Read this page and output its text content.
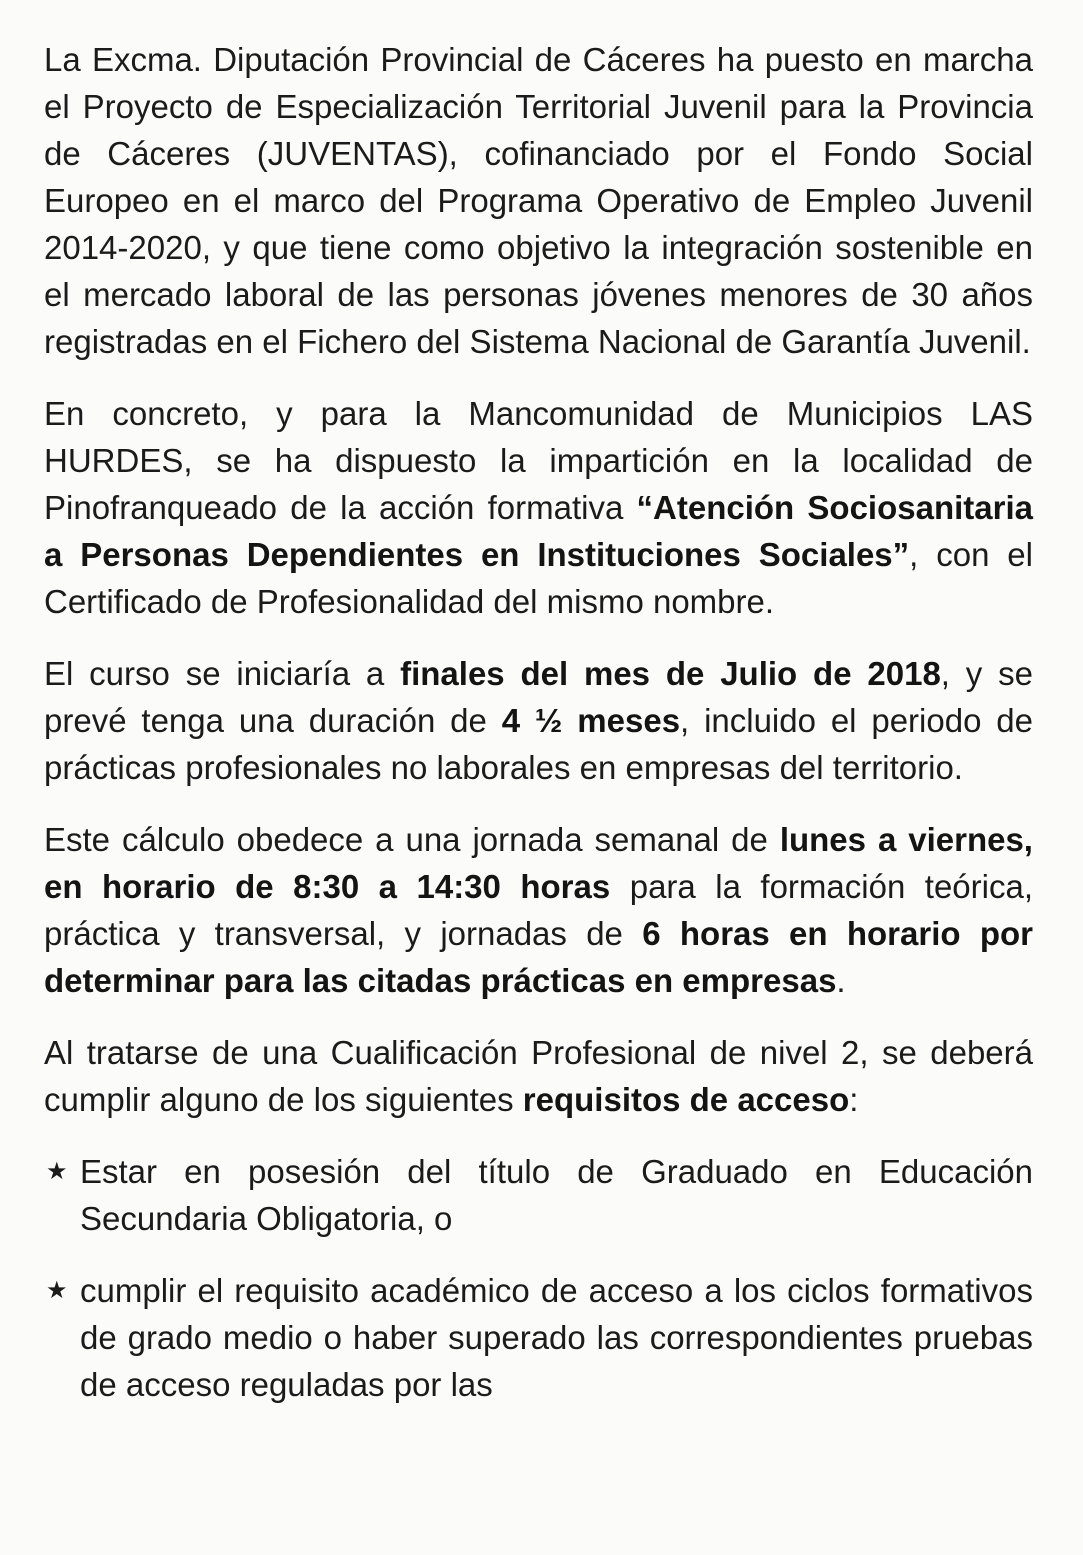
La Excma. Diputación Provincial de Cáceres ha puesto en marcha el Proyecto de Especialización Territorial Juvenil para la Provincia de Cáceres (JUVENTAS), cofinanciado por el Fondo Social Europeo en el marco del Programa Operativo de Empleo Juvenil 2014-2020, y que tiene como objetivo la integración sostenible en el mercado laboral de las personas jóvenes menores de 30 años registradas en el Fichero del Sistema Nacional de Garantía Juvenil.

En concreto, y para la Mancomunidad de Municipios LAS HURDES, se ha dispuesto la impartición en la localidad de Pinofranqueado de la acción formativa “Atención Sociosanitaria a Personas Dependientes en Instituciones Sociales”, con el Certificado de Profesionalidad del mismo nombre.

El curso se iniciaría a finales del mes de Julio de 2018, y se prevé tenga una duración de 4 ½ meses, incluido el periodo de prácticas profesionales no laborales en empresas del territorio.

Este cálculo obedece a una jornada semanal de lunes a viernes, en horario de 8:30 a 14:30 horas para la formación teórica, práctica y transversal, y jornadas de 6 horas en horario por determinar para las citadas prácticas en empresas.

Al tratarse de una Cualificación Profesional de nivel 2, se deberá cumplir alguno de los siguientes requisitos de acceso:

★ Estar en posesión del título de Graduado en Educación Secundaria Obligatoria, o
★ cumplir el requisito académico de acceso a los ciclos formativos de grado medio o haber superado las correspondientes pruebas de acceso reguladas por las
